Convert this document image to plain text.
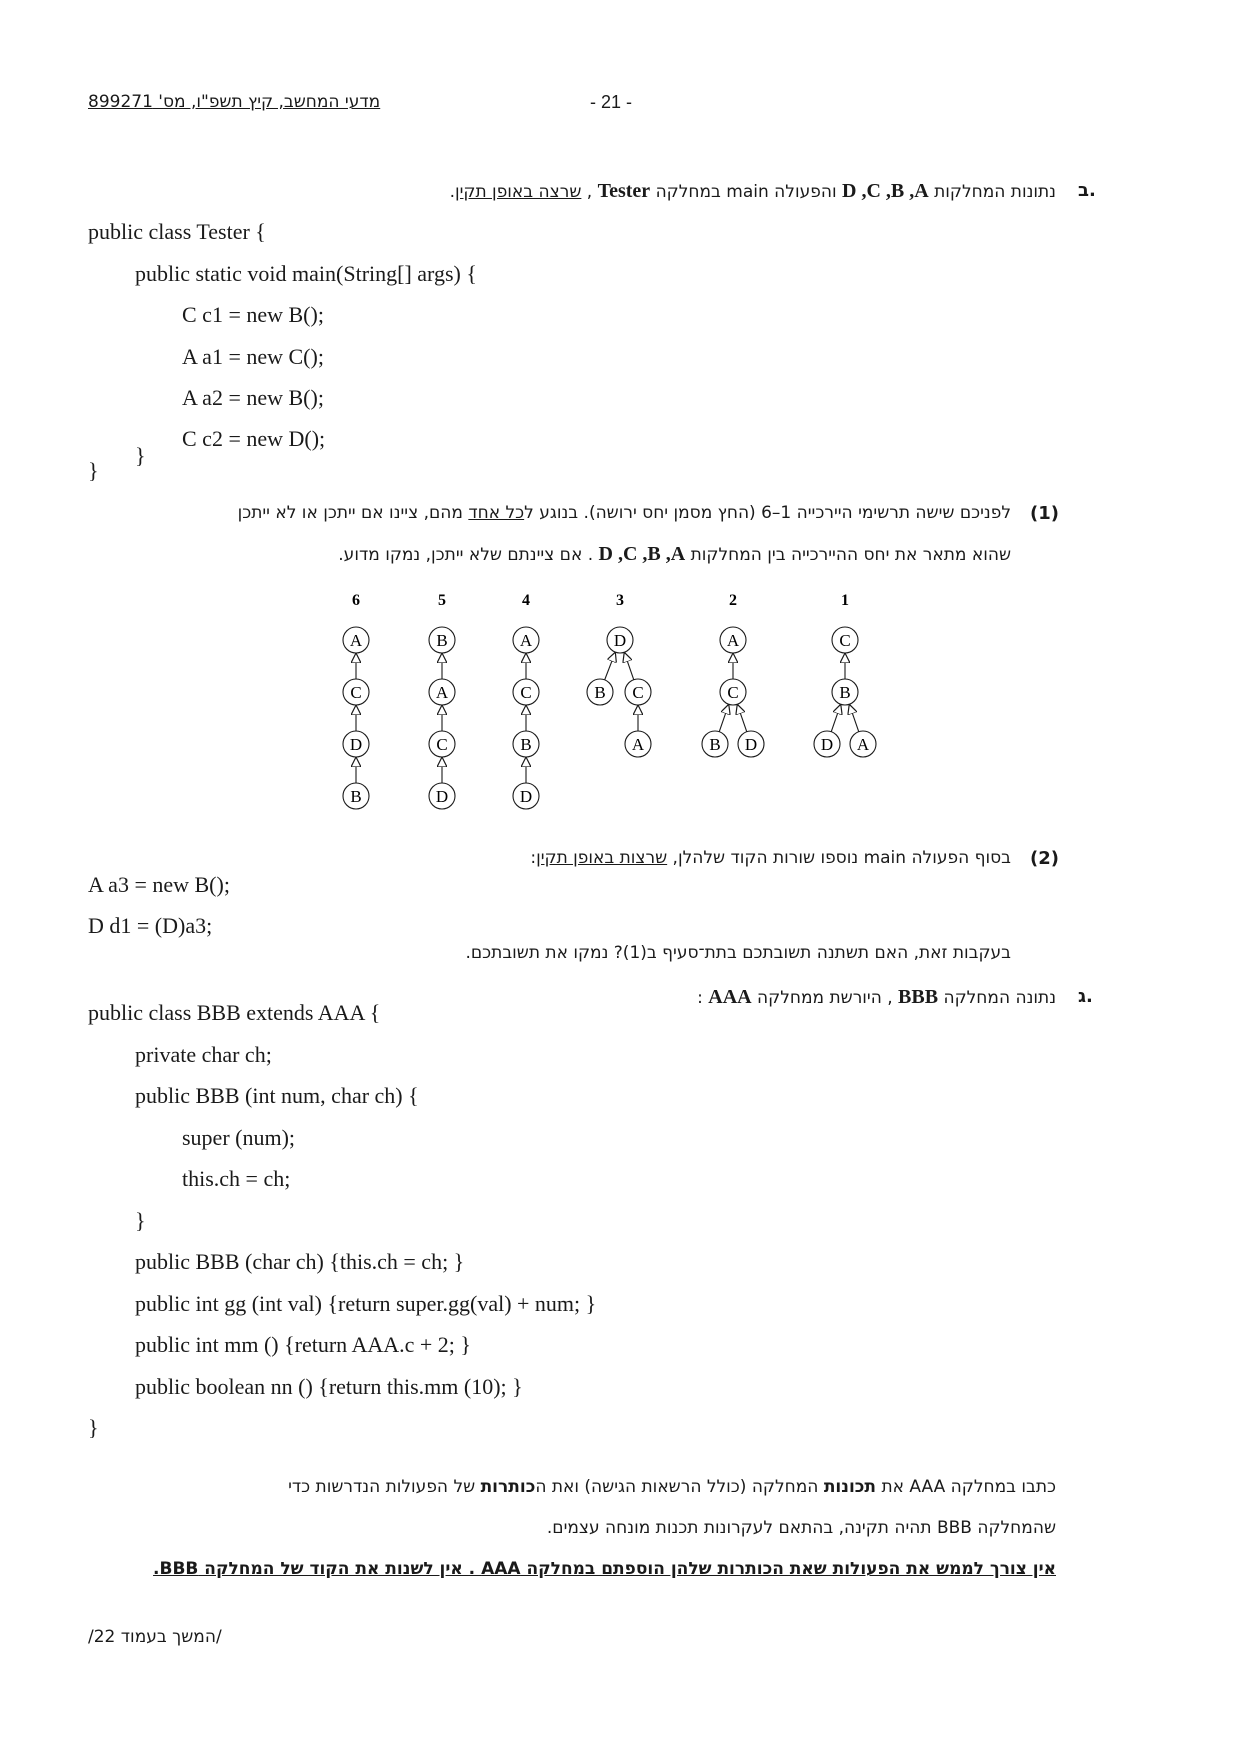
מדעי המחשב, קיץ תשפ"ו, מס' 899271	- 21 -
ב.
נתונות המחלקות D ,C ,B ,A והפעולה main במחלקה Tester , שרצה באופן תקין.
public class Tester {
public static void main(String[] args) {
C c1 = new B();
A a1 = new C();
A a2 = new B();
C c2 = new D();
}
}
(1)
לפניכם שישה תרשימי היירכייה 1–6 (החץ מסמן יחס ירושה). בנוגע לכל אחד מהם, ציינו אם ייתכן או לא ייתכן
שהוא מתאר את יחס ההיירכייה בין המחלקות D ,C ,B ,A . אם ציינתם שלא ייתכן, נמקו מדוע.
1
C
B
D A
2
A
C
B D
3
D
B C
A
4
A
C
B
D
5
B
A
C
D
6
A
C
D
B
(2)
בסוף הפעולה main נוספו שורות הקוד שלהלן, שרצות באופן תקין:
A a3 = new B();
D d1 = (D)a3;
בעקבות זאת, האם תשתנה תשובתכם בתת־סעיף ב(1)? נמקו את תשובתכם.
ג.
נתונה המחלקה BBB , היורשת ממחלקה AAA :
public class BBB extends AAA {
private char ch;
public BBB (int num, char ch) {
super (num);
this.ch = ch;
}
public BBB (char ch) {this.ch = ch; }
public int gg (int val) {return super.gg(val) + num; }
public int mm () {return AAA.c + 2; }
public boolean nn () {return this.mm (10); }
}
כתבו במחלקה AAA את תכונות המחלקה (כולל הרשאות הגישה) ואת הכותרות של הפעולות הנדרשות כדי
שהמחלקה BBB תהיה תקינה, בהתאם לעקרונות תכנות מונחה עצמים.
אין צורך לממש את הפעולות שאת הכותרות שלהן הוספתם במחלקה AAA . אין לשנות את הקוד של המחלקה BBB.
/המשך בעמוד 22/
